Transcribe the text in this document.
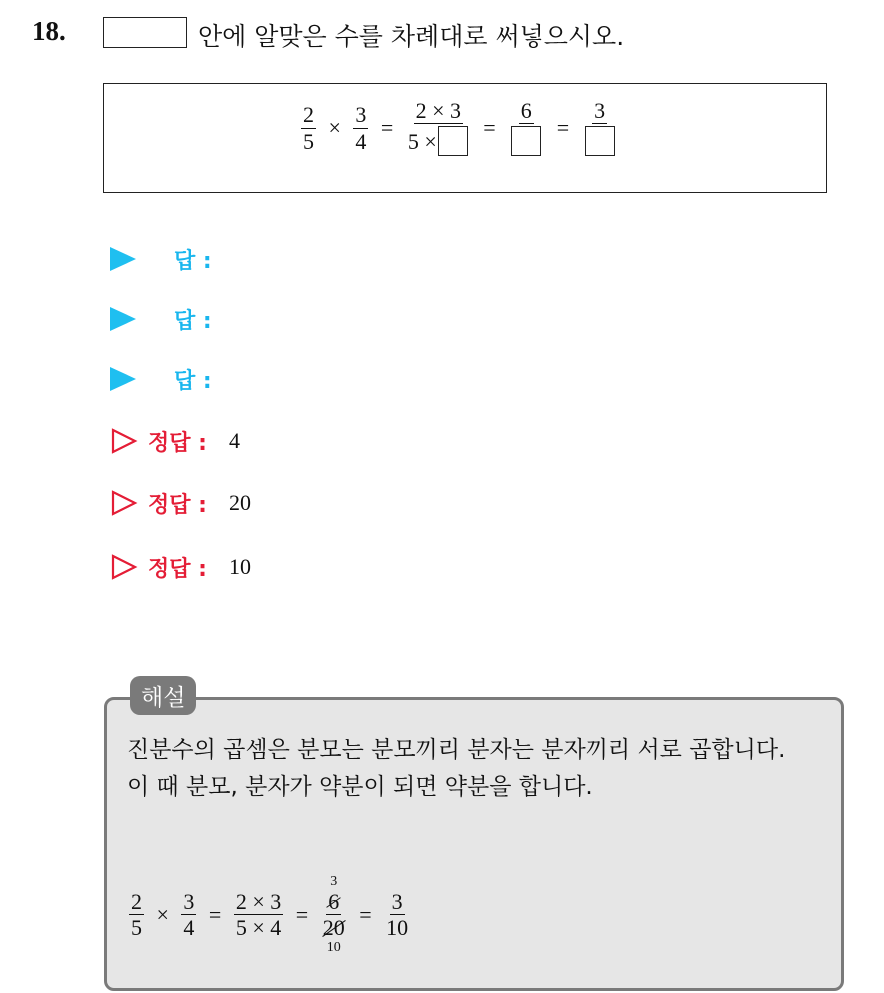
18.	안에 알맞은 수를 차례대로 써넣으시오.
$\frac{2}{5} \times \frac{3}{4} = \frac{2 \times 3}{5 \times}$ =
6
=
3
답 :
답 :
답 :
정답 : 4
정답 : 20
정답 : 10
해설
진분수의 곱셈은 분모는 분모끼리 분자는 분자끼리 서로 곱합니다.
이 때 분모, 분자가 약분이 되면 약분을 합니다.
$\frac{2}{5} \times \frac{3}{4} = \frac{2 \times 3}{5 \times 4}$ =
3
$\frac{6}{20}$
10
= $\frac{3}{10}$
